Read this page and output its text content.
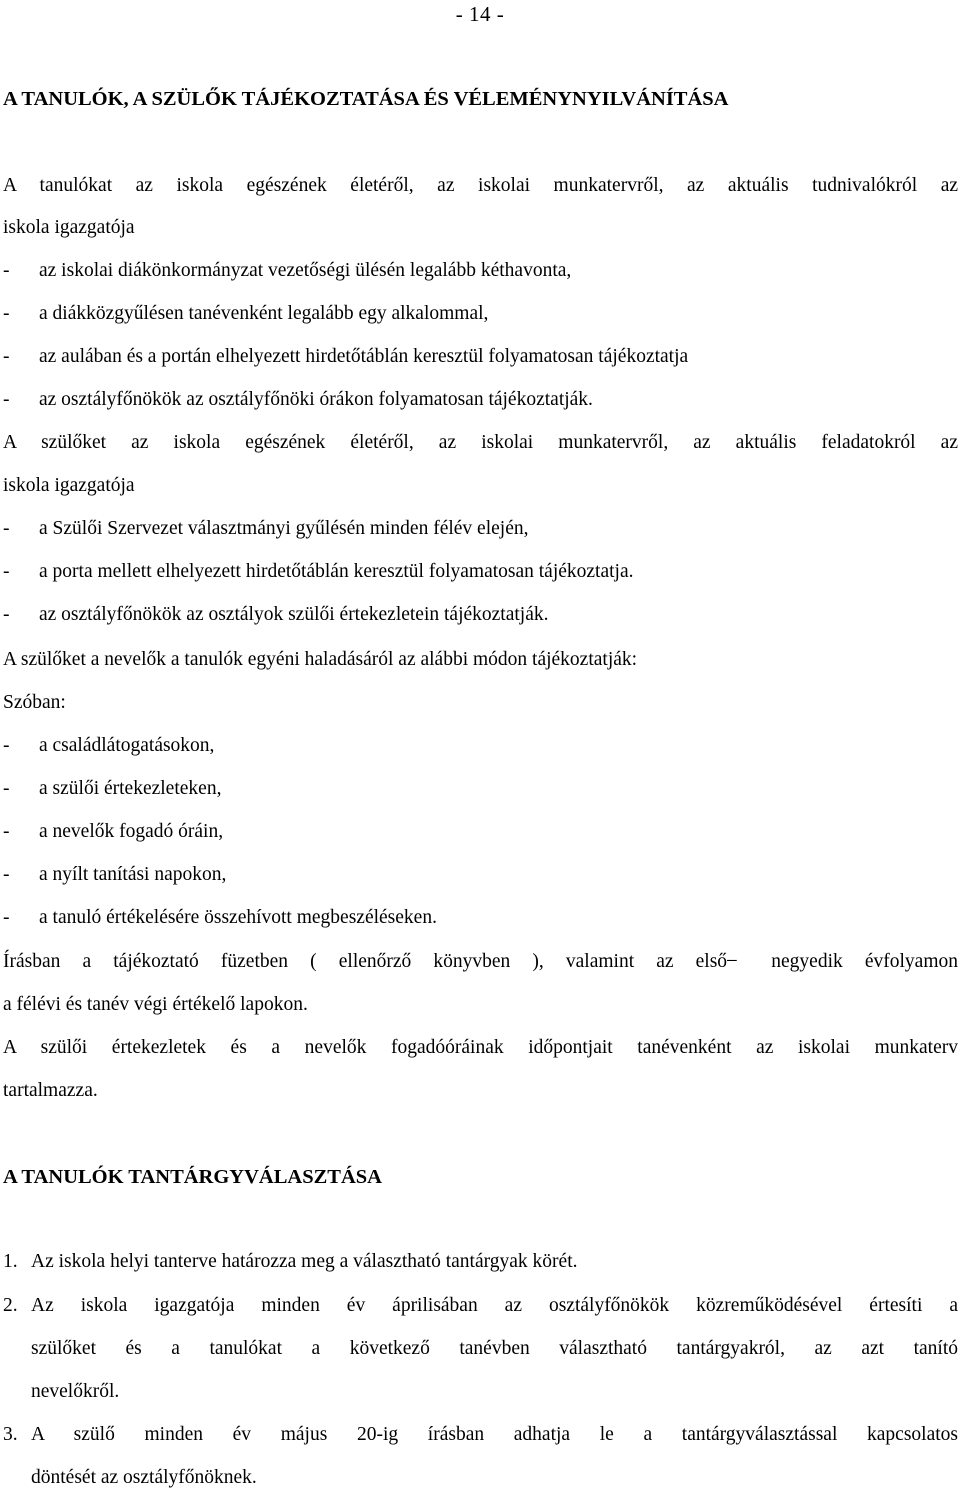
- 14 -
A TANULÓK, A SZÜLŐK TÁJÉKOZTATÁSA ÉS VÉLEMÉNYNYILVÁNÍTÁSA
A tanulókat az iskola egészének életéről, az iskolai munkatervről, az aktuális tudnivalókról az
iskola igazgatója
- az iskolai diákönkormányzat vezetőségi ülésén legalább kéthavonta,
- a diákközgyűlésen tanévenként legalább egy alkalommal,
- az aulában és a portán elhelyezett hirdetőtáblán keresztül folyamatosan tájékoztatja
- az osztályfőnökök az osztályfőnöki órákon folyamatosan tájékoztatják.
A szülőket az iskola egészének életéről, az iskolai munkatervről, az aktuális feladatokról az
iskola igazgatója
- a Szülői Szervezet választmányi gyűlésén minden félév elején,
- a porta mellett elhelyezett hirdetőtáblán keresztül folyamatosan tájékoztatja.
- az osztályfőnökök az osztályok szülői értekezletein tájékoztatják.
A szülőket a nevelők a tanulók egyéni haladásáról az alábbi módon tájékoztatják:
Szóban:
- a családlátogatásokon,
- a szülői értekezleteken,
- a nevelők fogadó óráin,
- a nyílt tanítási napokon,
- a tanuló értékelésére összehívott megbeszéléseken.
Írásban a tájékoztató füzetben ( ellenőrző könyvben ), valamint az első ̶ negyedik évfolyamon
a félévi és tanév végi értékelő lapokon.
A szülői értekezletek és a nevelők fogadóóráinak időpontjait tanévenként az iskolai munkaterv
tartalmazza.
A TANULÓK TANTÁRGYVÁLASZTÁSA
1. Az iskola helyi tanterve határozza meg a választható tantárgyak körét.
2. Az iskola igazgatója minden év áprilisában az osztályfőnökök közreműködésével értesíti a
szülőket és a tanulókat a következő tanévben választható tantárgyakról, az azt tanító
nevelőkről.
3. A szülő minden év május 20-ig írásban adhatja le a tantárgyválasztással kapcsolatos
döntését az osztályfőnöknek.
